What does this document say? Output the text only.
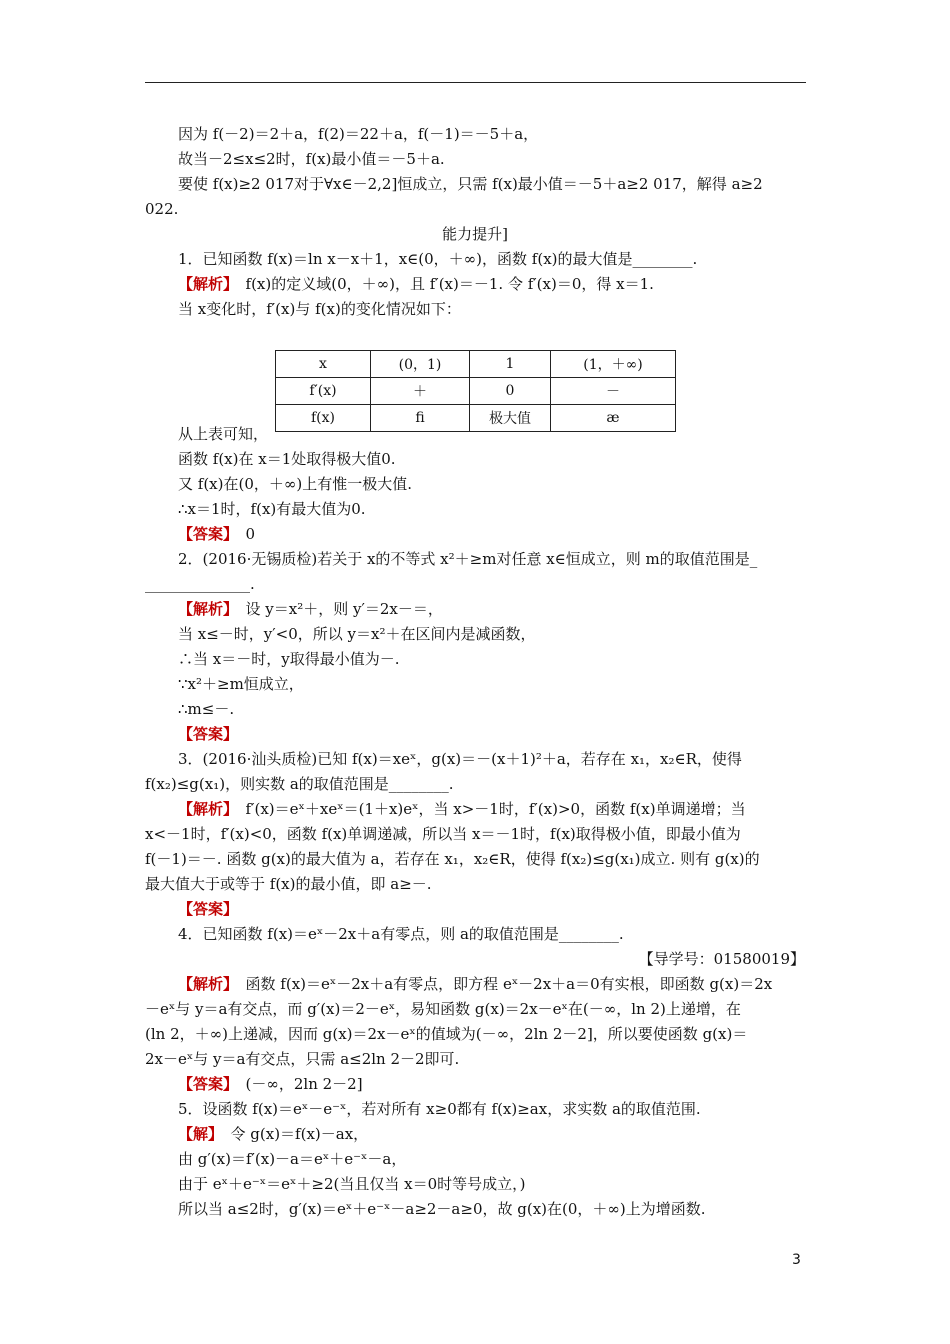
因为 f(－2)＝2＋a，f(2)＝22＋a，f(－1)＝－5＋a，
故当－2≤x≤2时，f(x)最小值＝－5＋a.
要使 f(x)≥2 017对于∀x∈－2,2]恒成立，只需 f(x)最小值＝－5＋a≥2 017，解得 a≥2
022.
能力提升]
1．已知函数 f(x)＝ln x－x＋1，x∈(0，＋∞)，函数 f(x)的最大值是________.
【解析】　f(x)的定义域(0，＋∞)，且 f′(x)＝－1. 令 f′(x)＝0，得 x＝1.
当 x变化时，f′(x)与 f(x)的变化情况如下：
x	(0，1)	1	(1，＋∞)
f′(x)	＋	0	－
f(x)	ﬁ	极大值	æ
从上表可知，
函数 f(x)在 x＝1处取得极大值0.
又 f(x)在(0，＋∞)上有惟一极大值.
∴x＝1时，f(x)有最大值为0.
【答案】　0
2．(2016·无锡质检)若关于 x的不等式 x²＋≥m对任意 x∈恒成立，则 m的取值范围是_
______________.
【解析】　设 y＝x²＋，则 y′＝2x－＝，
当 x≤－时，y′<0，所以 y＝x²＋在区间内是减函数，
∴当 x＝－时，y取得最小值为－.
∵x²＋≥m恒成立，
∴m≤－.
【答案】
3．(2016·汕头质检)已知 f(x)＝xeˣ，g(x)＝－(x＋1)²＋a，若存在 x₁，x₂∈R，使得
f(x₂)≤g(x₁)，则实数 a的取值范围是________.
【解析】　f′(x)＝eˣ＋xeˣ＝(1＋x)eˣ，当 x>－1时，f′(x)>0，函数 f(x)单调递增；当
x<－1时，f′(x)<0，函数 f(x)单调递减，所以当 x＝－1时，f(x)取得极小值，即最小值为
f(－1)＝－. 函数 g(x)的最大值为 a，若存在 x₁，x₂∈R，使得 f(x₂)≤g(x₁)成立. 则有 g(x)的
最大值大于或等于 f(x)的最小值，即 a≥－.
【答案】
4．已知函数 f(x)＝eˣ－2x＋a有零点，则 a的取值范围是________.
【导学号：01580019】
【解析】　函数 f(x)＝eˣ－2x＋a有零点，即方程 eˣ－2x＋a＝0有实根，即函数 g(x)＝2x
－eˣ与 y＝a有交点，而 g′(x)＝2－eˣ，易知函数 g(x)＝2x－eˣ在(－∞，ln 2)上递增，在
(ln 2，＋∞)上递减，因而 g(x)＝2x－eˣ的值域为(－∞，2ln 2－2]，所以要使函数 g(x)＝
2x－eˣ与 y＝a有交点，只需 a≤2ln 2－2即可.
【答案】　(－∞，2ln 2－2]
5．设函数 f(x)＝eˣ－e⁻ˣ，若对所有 x≥0都有 f(x)≥ax，求实数 a的取值范围.
【解】　令 g(x)＝f(x)－ax，
由 g′(x)＝f′(x)－a＝eˣ＋e⁻ˣ－a，
由于 eˣ＋e⁻ˣ＝eˣ＋≥2(当且仅当 x＝0时等号成立，)
所以当 a≤2时，g′(x)＝eˣ＋e⁻ˣ－a≥2－a≥0，故 g(x)在(0，＋∞)上为增函数.
3
